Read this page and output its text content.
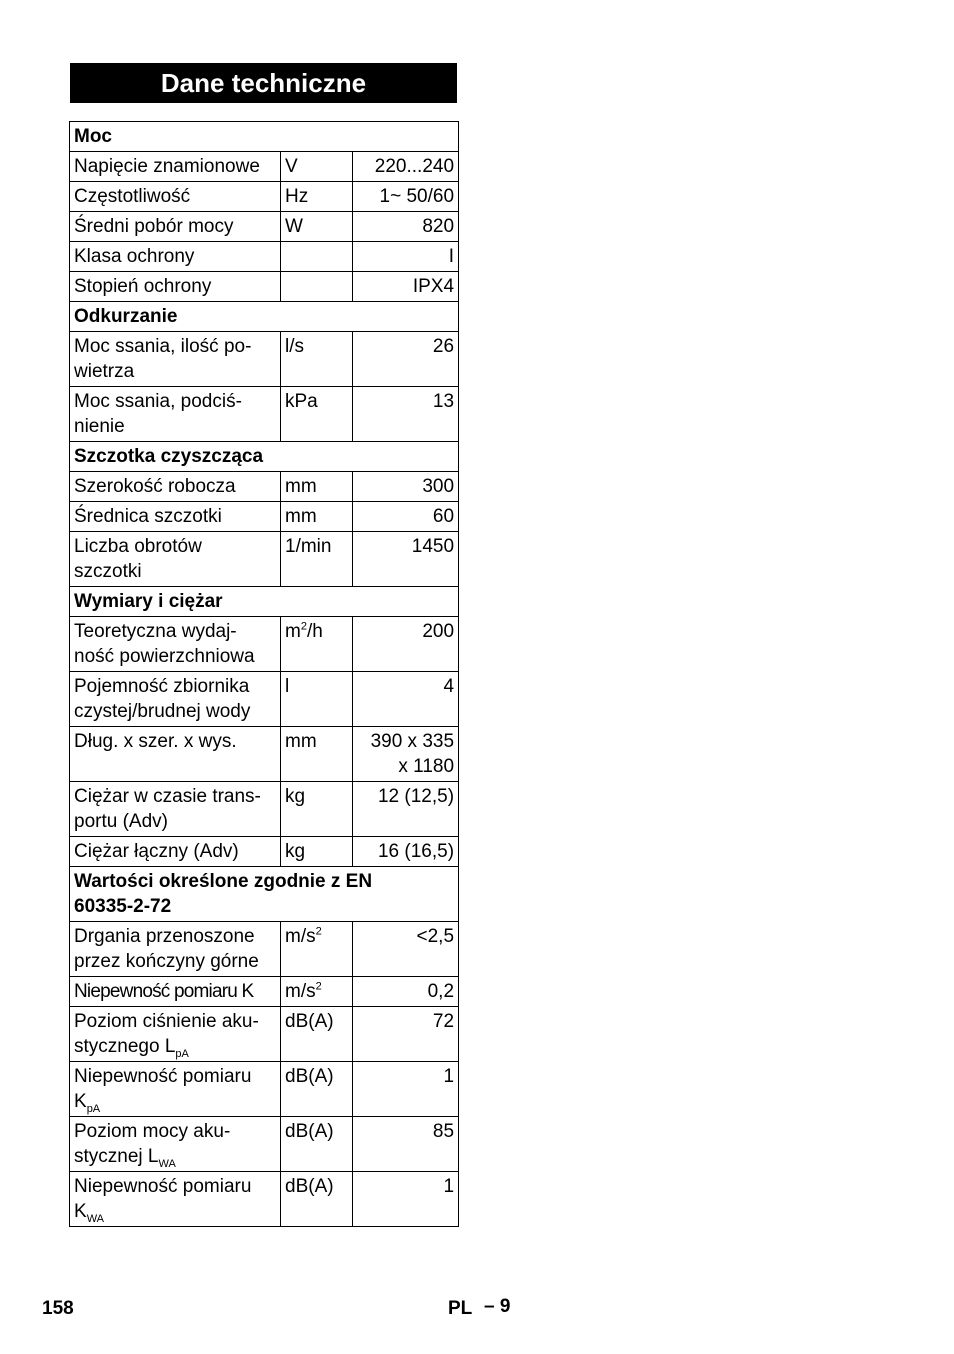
Dane techniczne
Moc		
Napięcie znamionowe	V	220...240
Częstotliwość	Hz	1~ 50/60
Średni pobór mocy	W	820
Klasa ochrony		I
Stopień ochrony		IPX4
Odkurzanie		
Moc ssania, ilość po-
wietrza	l/s	26
Moc ssania, podciś-
nienie	kPa	13
Szczotka czyszcząca		
Szerokość robocza	mm	300
Średnica szczotki	mm	60
Liczba obrotów
szczotki	1/min	1450
Wymiary i ciężar		
Teoretyczna wydaj-
ność powierzchniowa	$m^2/h$	200
Pojemność zbiornika
czystej/brudnej wody	l	4
Dług. x szer. x wys.	mm	390 x 335
x 1180
Ciężar w czasie trans-
portu (Adv)	kg	12 (12,5)
Ciężar łączny (Adv)	kg	16 (16,5)
Wartości określone zgodnie z EN
60335-2-72		
Drgania przenoszone
przez kończyny górne	$m/s^2$	<2,5
Niepewność pomiaru K	$m/s^2$	0,2
Poziom ciśnienie aku-
stycznego $L_{pA}$	dB(A)	72
Niepewność pomiaru
$K_{pA}$	dB(A)	1
Poziom mocy aku-
stycznej $L_{WA}$	dB(A)	85
Niepewność pomiaru
$K_{WA}$	dB(A)	1
158	PL – 9
